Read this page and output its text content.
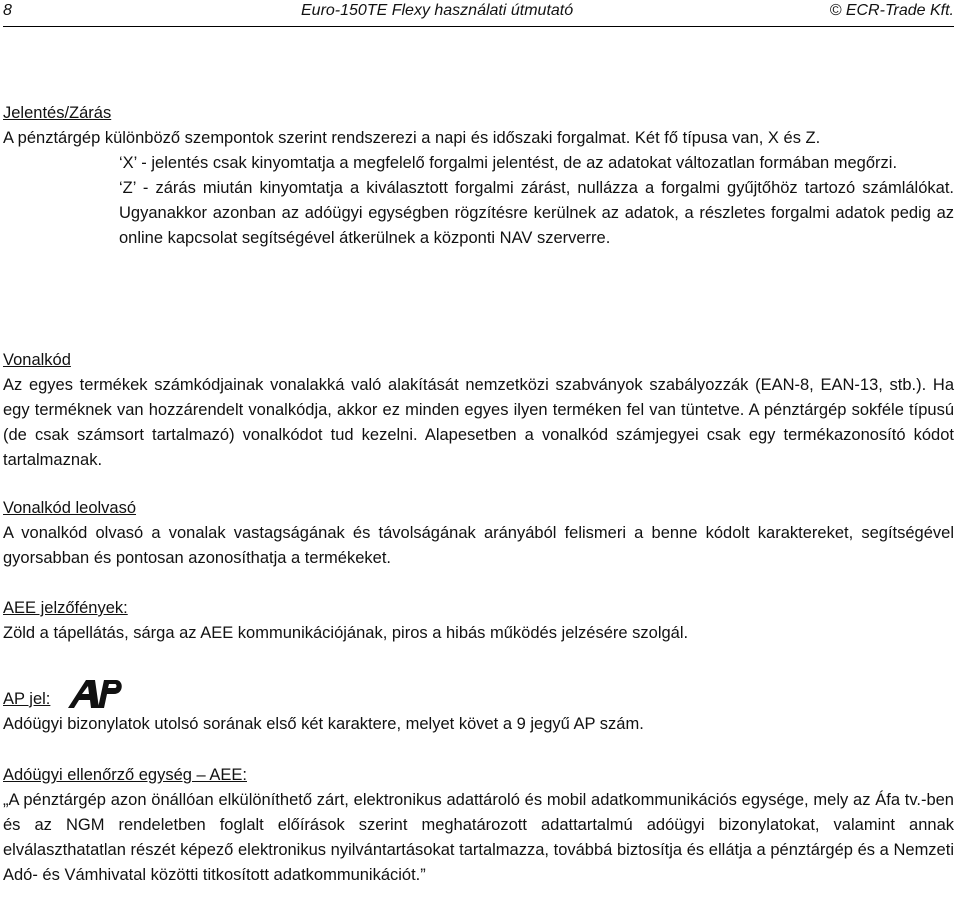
8	Euro-150TE Flexy használati útmutató	© ECR-Trade Kft.

Jelentés/Zárás

A pénztárgép különböző szempontok szerint rendszerezi a napi és időszaki forgalmat. Két fő típusa van, X és Z.

‘X’ - jelentés csak kinyomtatja a megfelelő forgalmi jelentést, de az adatokat változatlan formában megőrzi.

‘Z’ - zárás miután kinyomtatja a kiválasztott forgalmi zárást, nullázza a forgalmi gyűjtőhöz tartozó számlálókat. Ugyanakkor azonban az adóügyi egységben rögzítésre kerülnek az adatok, a részletes forgalmi adatok pedig az online kapcsolat segítségével átkerülnek a központi NAV szerverre.

Vonalkód

Az egyes termékek számkódjainak vonalakká való alakítását nemzetközi szabványok szabályozzák (EAN-8, EAN-13, stb.). Ha egy terméknek van hozzárendelt vonalkódja, akkor ez minden egyes ilyen terméken fel van tüntetve. A pénztárgép sokféle típusú (de csak számsort tartalmazó) vonalkódot tud kezelni. Alapesetben a vonalkód számjegyei csak egy termékazonosító kódot tartalmaznak.

Vonalkód leolvasó

A vonalkód olvasó a vonalak vastagságának és távolságának arányából felismeri a benne kódolt karaktereket, segítségével gyorsabban és pontosan azonosíthatja a termékeket.

AEE jelzőfények:

Zöld a tápellátás, sárga az AEE kommunikációjának, piros a hibás működés jelzésére szolgál.

AP jel:

Adóügyi bizonylatok utolsó sorának első két karaktere, melyet követ a 9 jegyű AP szám.

Adóügyi ellenőrző egység – AEE:

„A pénztárgép azon önállóan elkülöníthető zárt, elektronikus adattároló és mobil adatkommunikációs egysége, mely az Áfa tv.-ben és az NGM rendeletben foglalt előírások szerint meghatározott adattartalmú adóügyi bizonylatokat, valamint annak elválaszthatatlan részét képező elektronikus nyilvántartásokat tartalmazza, továbbá biztosítja és ellátja a pénztárgép és a Nemzeti Adó- és Vámhivatal közötti titkosított adatkommunikációt.”
